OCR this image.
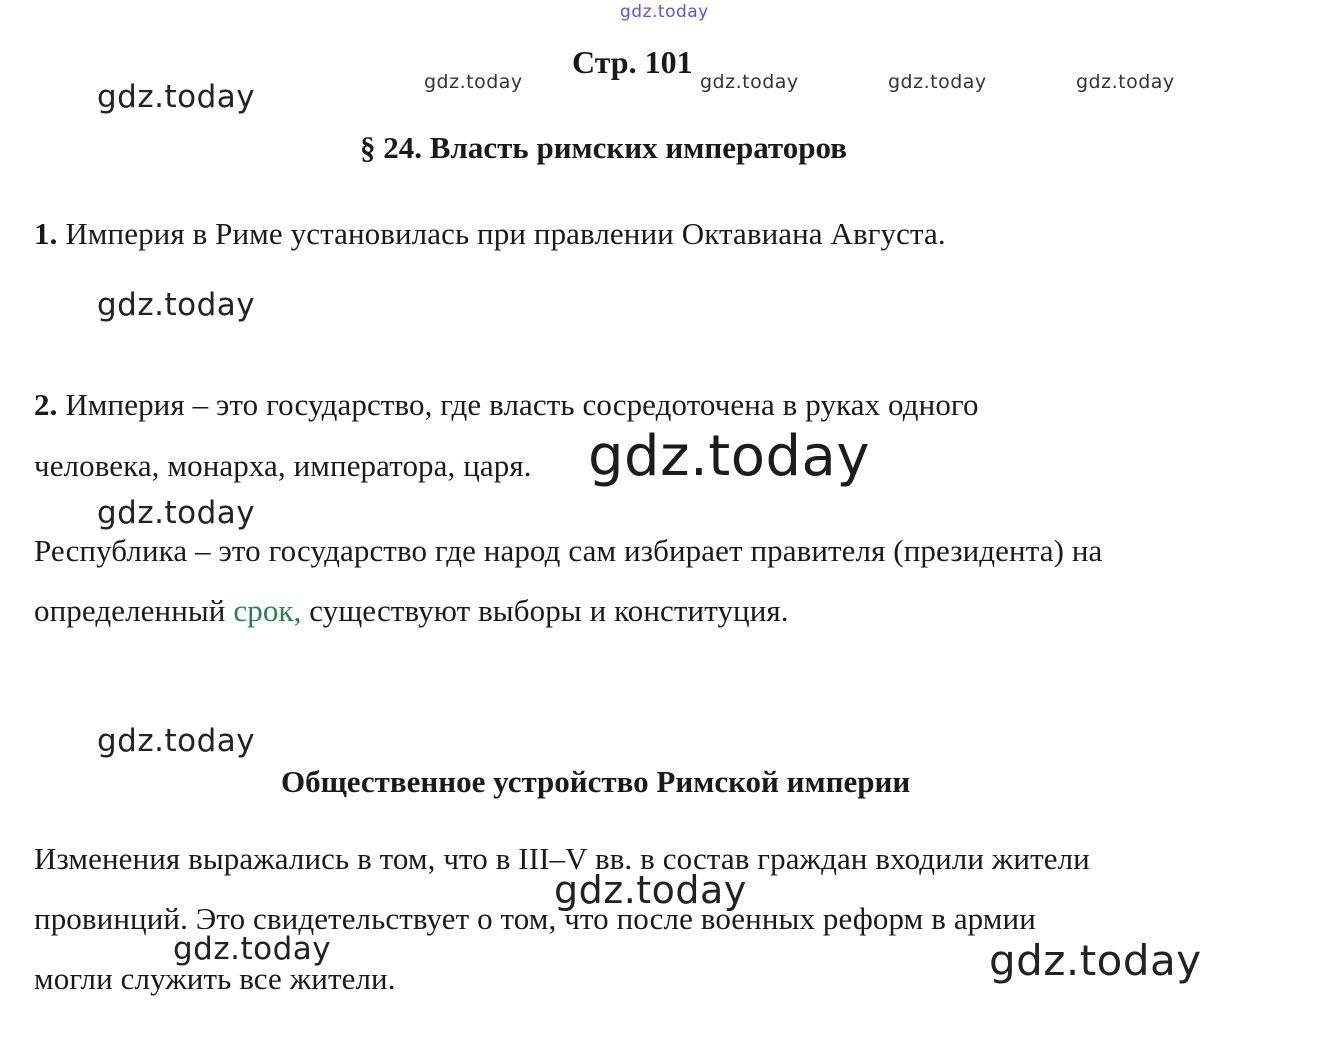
gdz.today
gdz.today	gdz.today	gdz.today	gdz.today	gdz.today
gdz.today
gdz.today
gdz.today
gdz.today
gdz.today
gdz.today	gdz.today
Стр. 101
§ 24. Власть римских императоров
1. Империя в Риме установилась при правлении Октавиана Августа.
2. Империя – это государство, где власть сосредоточена в руках одного
человека, монарха, императора, царя.
Республика – это государство где народ сам избирает правителя (президента) на
определенный срок, существуют выборы и конституция.
Общественное устройство Римской империи
Изменения выражались в том, что в III–V вв. в состав граждан входили жители
провинций. Это свидетельствует о том, что после военных реформ в армии
могли служить все жители.
